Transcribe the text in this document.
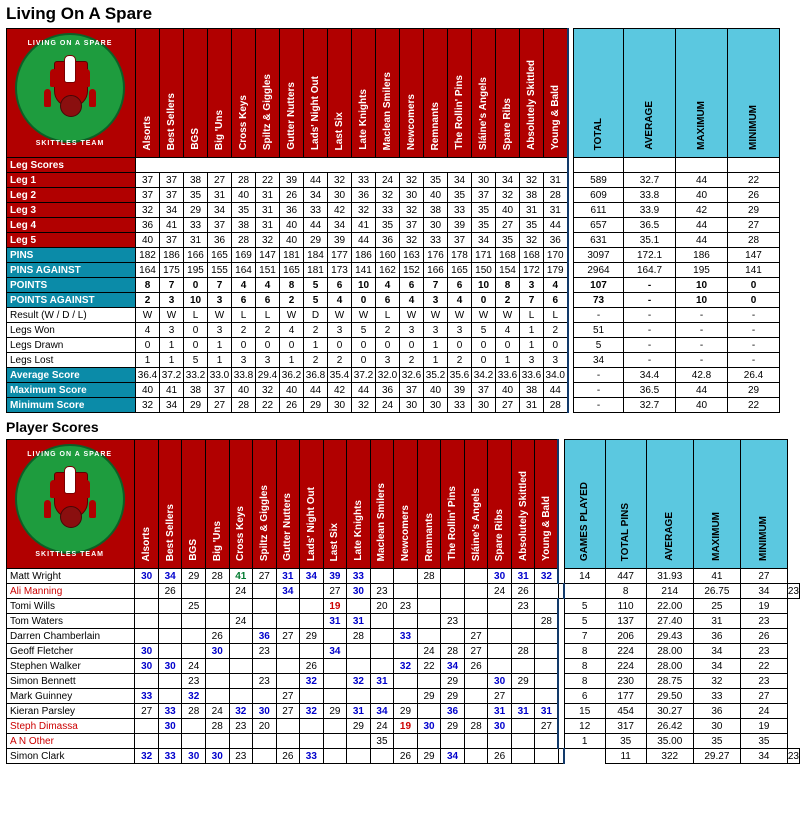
Living On A Spare
LIVING ON A SPARE
SKITTLES TEAM	Alsorts	Best Sellers	BGS	Big 'Uns	Cross Keys	Spiltz & Giggles	Gutter Nutters	Lads' Night Out	Last Six	Late Knights	Maclean Smilers	Newcomers	Remnants	The Rollin' Pins	Sláine's Angels	Spare Ribs	Absolutely Skittled	Young & Bald		TOTAL	AVERAGE	MAXIMUM	MINIMUM
Leg Scores																							
Leg 1	37	37	38	27	28	22	39	44	32	33	24	32	35	34	30	34	32	31		589	32.7	44	22
Leg 2	37	37	35	31	40	31	26	34	30	36	32	30	40	35	37	32	38	28		609	33.8	40	26
Leg 3	32	34	29	34	35	31	36	33	42	32	33	32	38	33	35	40	31	31		611	33.9	42	29
Leg 4	36	41	33	37	38	31	40	44	34	41	35	37	30	39	35	27	35	44		657	36.5	44	27
Leg 5	40	37	31	36	28	32	40	29	39	44	36	32	33	37	34	35	32	36		631	35.1	44	28
PINS	182	186	166	165	169	147	181	184	177	186	160	163	176	178	171	168	168	170		3097	172.1	186	147
PINS AGAINST	164	175	195	155	164	151	165	181	173	141	162	152	166	165	150	154	172	179		2964	164.7	195	141
POINTS	8	7	0	7	4	4	8	5	6	10	4	6	7	6	10	8	3	4		107	-	10	0
POINTS AGAINST	2	3	10	3	6	6	2	5	4	0	6	4	3	4	0	2	7	6		73	-	10	0
Result (W / D / L)	W	W	L	W	L	L	W	D	W	W	L	W	W	W	W	W	L	L		-	-	-	-
Legs Won	4	3	0	3	2	2	4	2	3	5	2	3	3	3	5	4	1	2		51	-	-	-
Legs Drawn	0	1	0	1	0	0	0	1	0	0	0	0	1	0	0	0	1	0		5	-	-	-
Legs Lost	1	1	5	1	3	3	1	2	2	0	3	2	1	2	0	1	3	3		34	-	-	-
Average Score	36.4	37.2	33.2	33.0	33.8	29.4	36.2	36.8	35.4	37.2	32.0	32.6	35.2	35.6	34.2	33.6	33.6	34.0		-	34.4	42.8	26.4
Maximum Score	40	41	38	37	40	32	40	44	42	44	36	37	40	39	37	40	38	44		-	36.5	44	29
Minimum Score	32	34	29	27	28	22	26	29	30	32	24	30	30	33	30	27	31	28		-	32.7	40	22
Player Scores
LIVING ON A SPARE
SKITTLES TEAM	Alsorts	Best Sellers	BGS	Big 'Uns	Cross Keys	Spiltz & Giggles	Gutter Nutters	Lads' Night Out	Last Six	Late Knights	Maclean Smilers	Newcomers	Remnants	The Rollin' Pins	Sláine's Angels	Spare Ribs	Absolutely Skittled	Young & Bald		GAMES PLAYED	TOTAL PINS	AVERAGE	MAXIMUM	MINIMUM	
Matt Wright	30	34	29	28	41	27	31	34	39	33			28			30	31	32		14	447	31.93	41	27	
Ali Manning		26			24		34		27	30	23					24	26				8	214	26.75	34	23
Tomi Wills			25						19		20	23					23			5	110	22.00	25	19	
Tom Waters					24				31	31				23				28		5	137	27.40	31	23	
Darren Chamberlain				26		36	27	29		28		33			27					7	206	29.43	36	26	
Geoff Fletcher	30			30		23			34				24	28	27		28			8	224	28.00	34	23	
Stephen Walker	30	30	24					26				32	22	34	26					8	224	28.00	34	22	
Simon Bennett			23			23		32		32	31			29		30	29			8	230	28.75	32	23	
Mark Guinney	33		32				27						29	29		27				6	177	29.50	33	27	
Kieran Parsley	27	33	28	24	32	30	27	32	29	31	34	29		36		31	31	31		15	454	30.27	36	24	
Steph Dimassa		30		28	23	20				29	24	19	30	29	28	30		27		12	317	26.42	30	19	
A N Other											35									1	35	35.00	35	35	
Simon Clark	32	33	30	30	23		26	33				26	29	34		26					11	322	29.27	34	23
